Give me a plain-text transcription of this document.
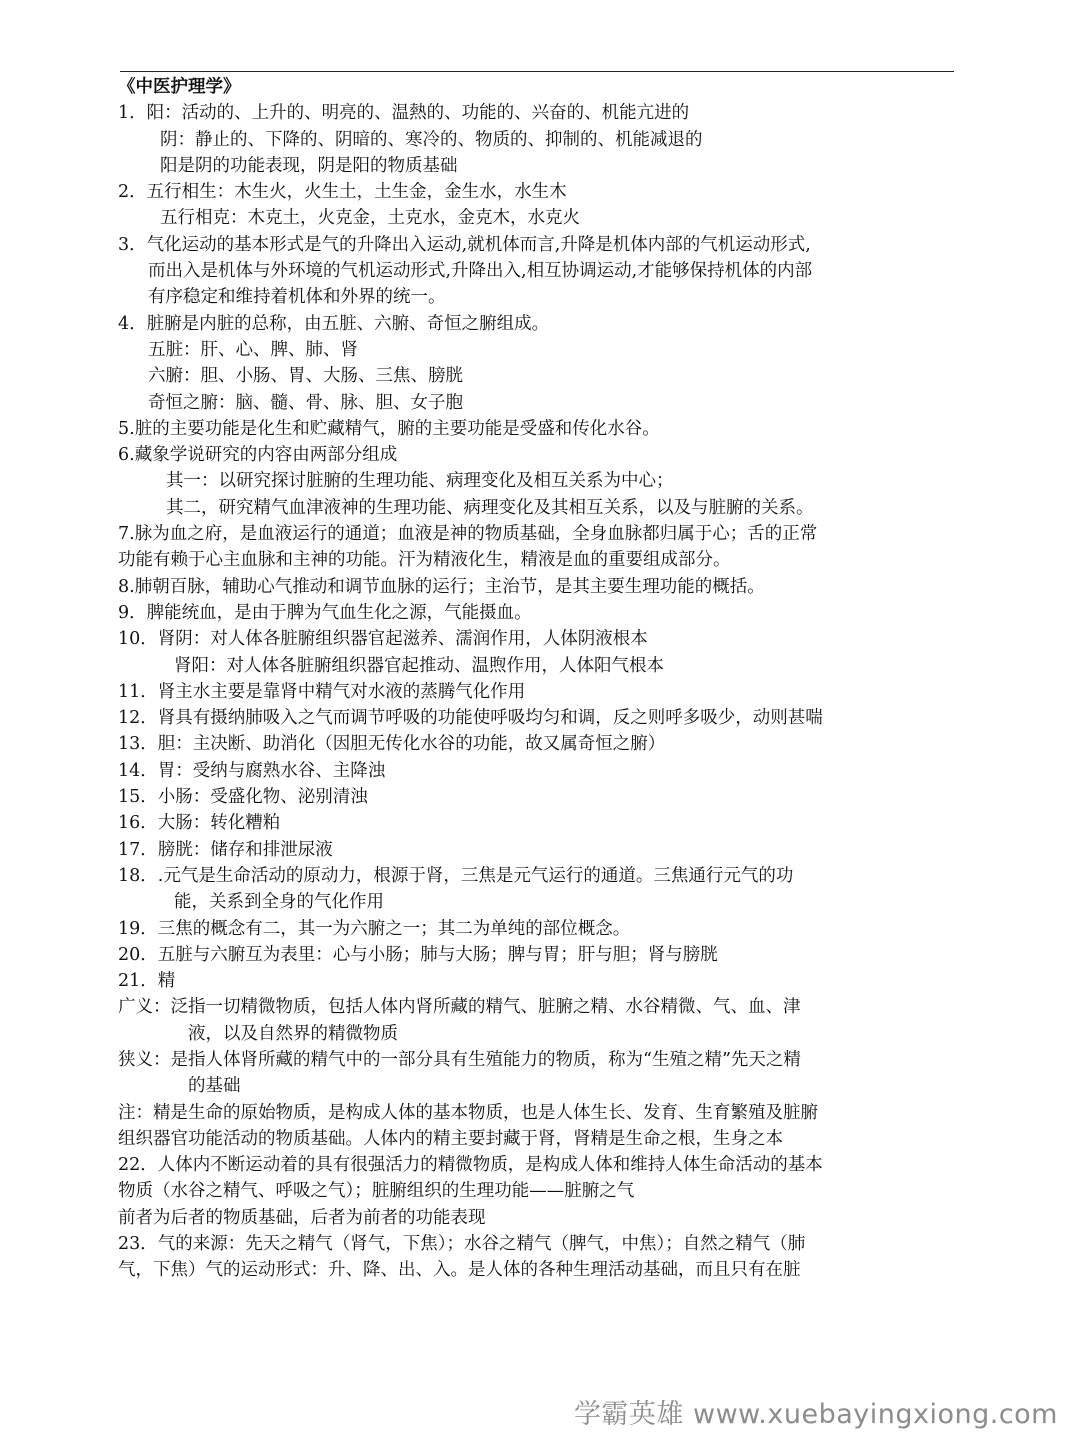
《中医护理学》
1．阳：活动的、上升的、明亮的、温熱的、功能的、兴奋的、机能亢进的
阴：静止的、下降的、阴暗的、寒冷的、物质的、抑制的、机能减退的
阳是阴的功能表现，阴是阳的物质基础
2．五行相生：木生火，火生土，土生金，金生水，水生木
五行相克：木克土，火克金，土克水，金克木，水克火
3．气化运动的基本形式是气的升降出入运动,就机体而言,升降是机体内部的气机运动形式,
而出入是机体与外环境的气机运动形式,升降出入,相互协调运动,才能够保持机体的内部
有序稳定和维持着机体和外界的统一。
4．脏腑是内脏的总称，由五脏、六腑、奇恒之腑组成。
五脏：肝、心、脾、肺、肾
六腑：胆、小肠、胃、大肠、三焦、膀胱
奇恒之腑：脑、髓、骨、脉、胆、女子胞
5.脏的主要功能是化生和贮藏精气，腑的主要功能是受盛和传化水谷。
6.藏象学说研究的内容由两部分组成
其一：以研究探讨脏腑的生理功能、病理变化及相互关系为中心；
其二，研究精气血津液神的生理功能、病理变化及其相互关系，以及与脏腑的关系。
7.脉为血之府，是血液运行的通道；血液是神的物质基础，全身血脉都归属于心；舌的正常
功能有赖于心主血脉和主神的功能。汗为精液化生，精液是血的重要组成部分。
8.肺朝百脉，辅助心气推动和调节血脉的运行；主治节，是其主要生理功能的概括。
9．脾能统血，是由于脾为气血生化之源，气能摄血。
10．肾阴：对人体各脏腑组织器官起滋养、濡润作用，人体阴液根本
肾阳：对人体各脏腑组织器官起推动、温煦作用，人体阳气根本
11．肾主水主要是靠肾中精气对水液的蒸腾气化作用
12．肾具有摄纳肺吸入之气而调节呼吸的功能使呼吸均匀和调，反之则呼多吸少，动则甚喘
13．胆：主决断、助消化（因胆无传化水谷的功能，故又属奇恒之腑）
14．胃：受纳与腐熟水谷、主降浊
15．小肠：受盛化物、泌别清浊
16．大肠：转化糟粕
17．膀胱：储存和排泄尿液
18．.元气是生命活动的原动力，根源于肾，三焦是元气运行的通道。三焦通行元气的功
能，关系到全身的气化作用
19．三焦的概念有二，其一为六腑之一；其二为单纯的部位概念。
20．五脏与六腑互为表里：心与小肠；肺与大肠；脾与胃；肝与胆；肾与膀胱
21．精
广义：泛指一切精微物质，包括人体内肾所藏的精气、脏腑之精、水谷精微、气、血、津
液，以及自然界的精微物质
狭义：是指人体肾所藏的精气中的一部分具有生殖能力的物质，称为“生殖之精”先天之精
的基础
注：精是生命的原始物质，是构成人体的基本物质，也是人体生长、发育、生育繁殖及脏腑
组织器官功能活动的物质基础。人体内的精主要封藏于肾，肾精是生命之根，生身之本
22．人体内不断运动着的具有很强活力的精微物质，是构成人体和维持人体生命活动的基本
物质（水谷之精气、呼吸之气）；脏腑组织的生理功能——脏腑之气
前者为后者的物质基础，后者为前者的功能表现
23．气的来源：先天之精气（肾气，下焦）；水谷之精气（脾气，中焦）；自然之精气（肺
气，下焦）气的运动形式：升、降、出、入。是人体的各种生理活动基础，而且只有在脏
学霸英雄 www.xuebayingxiong.com
